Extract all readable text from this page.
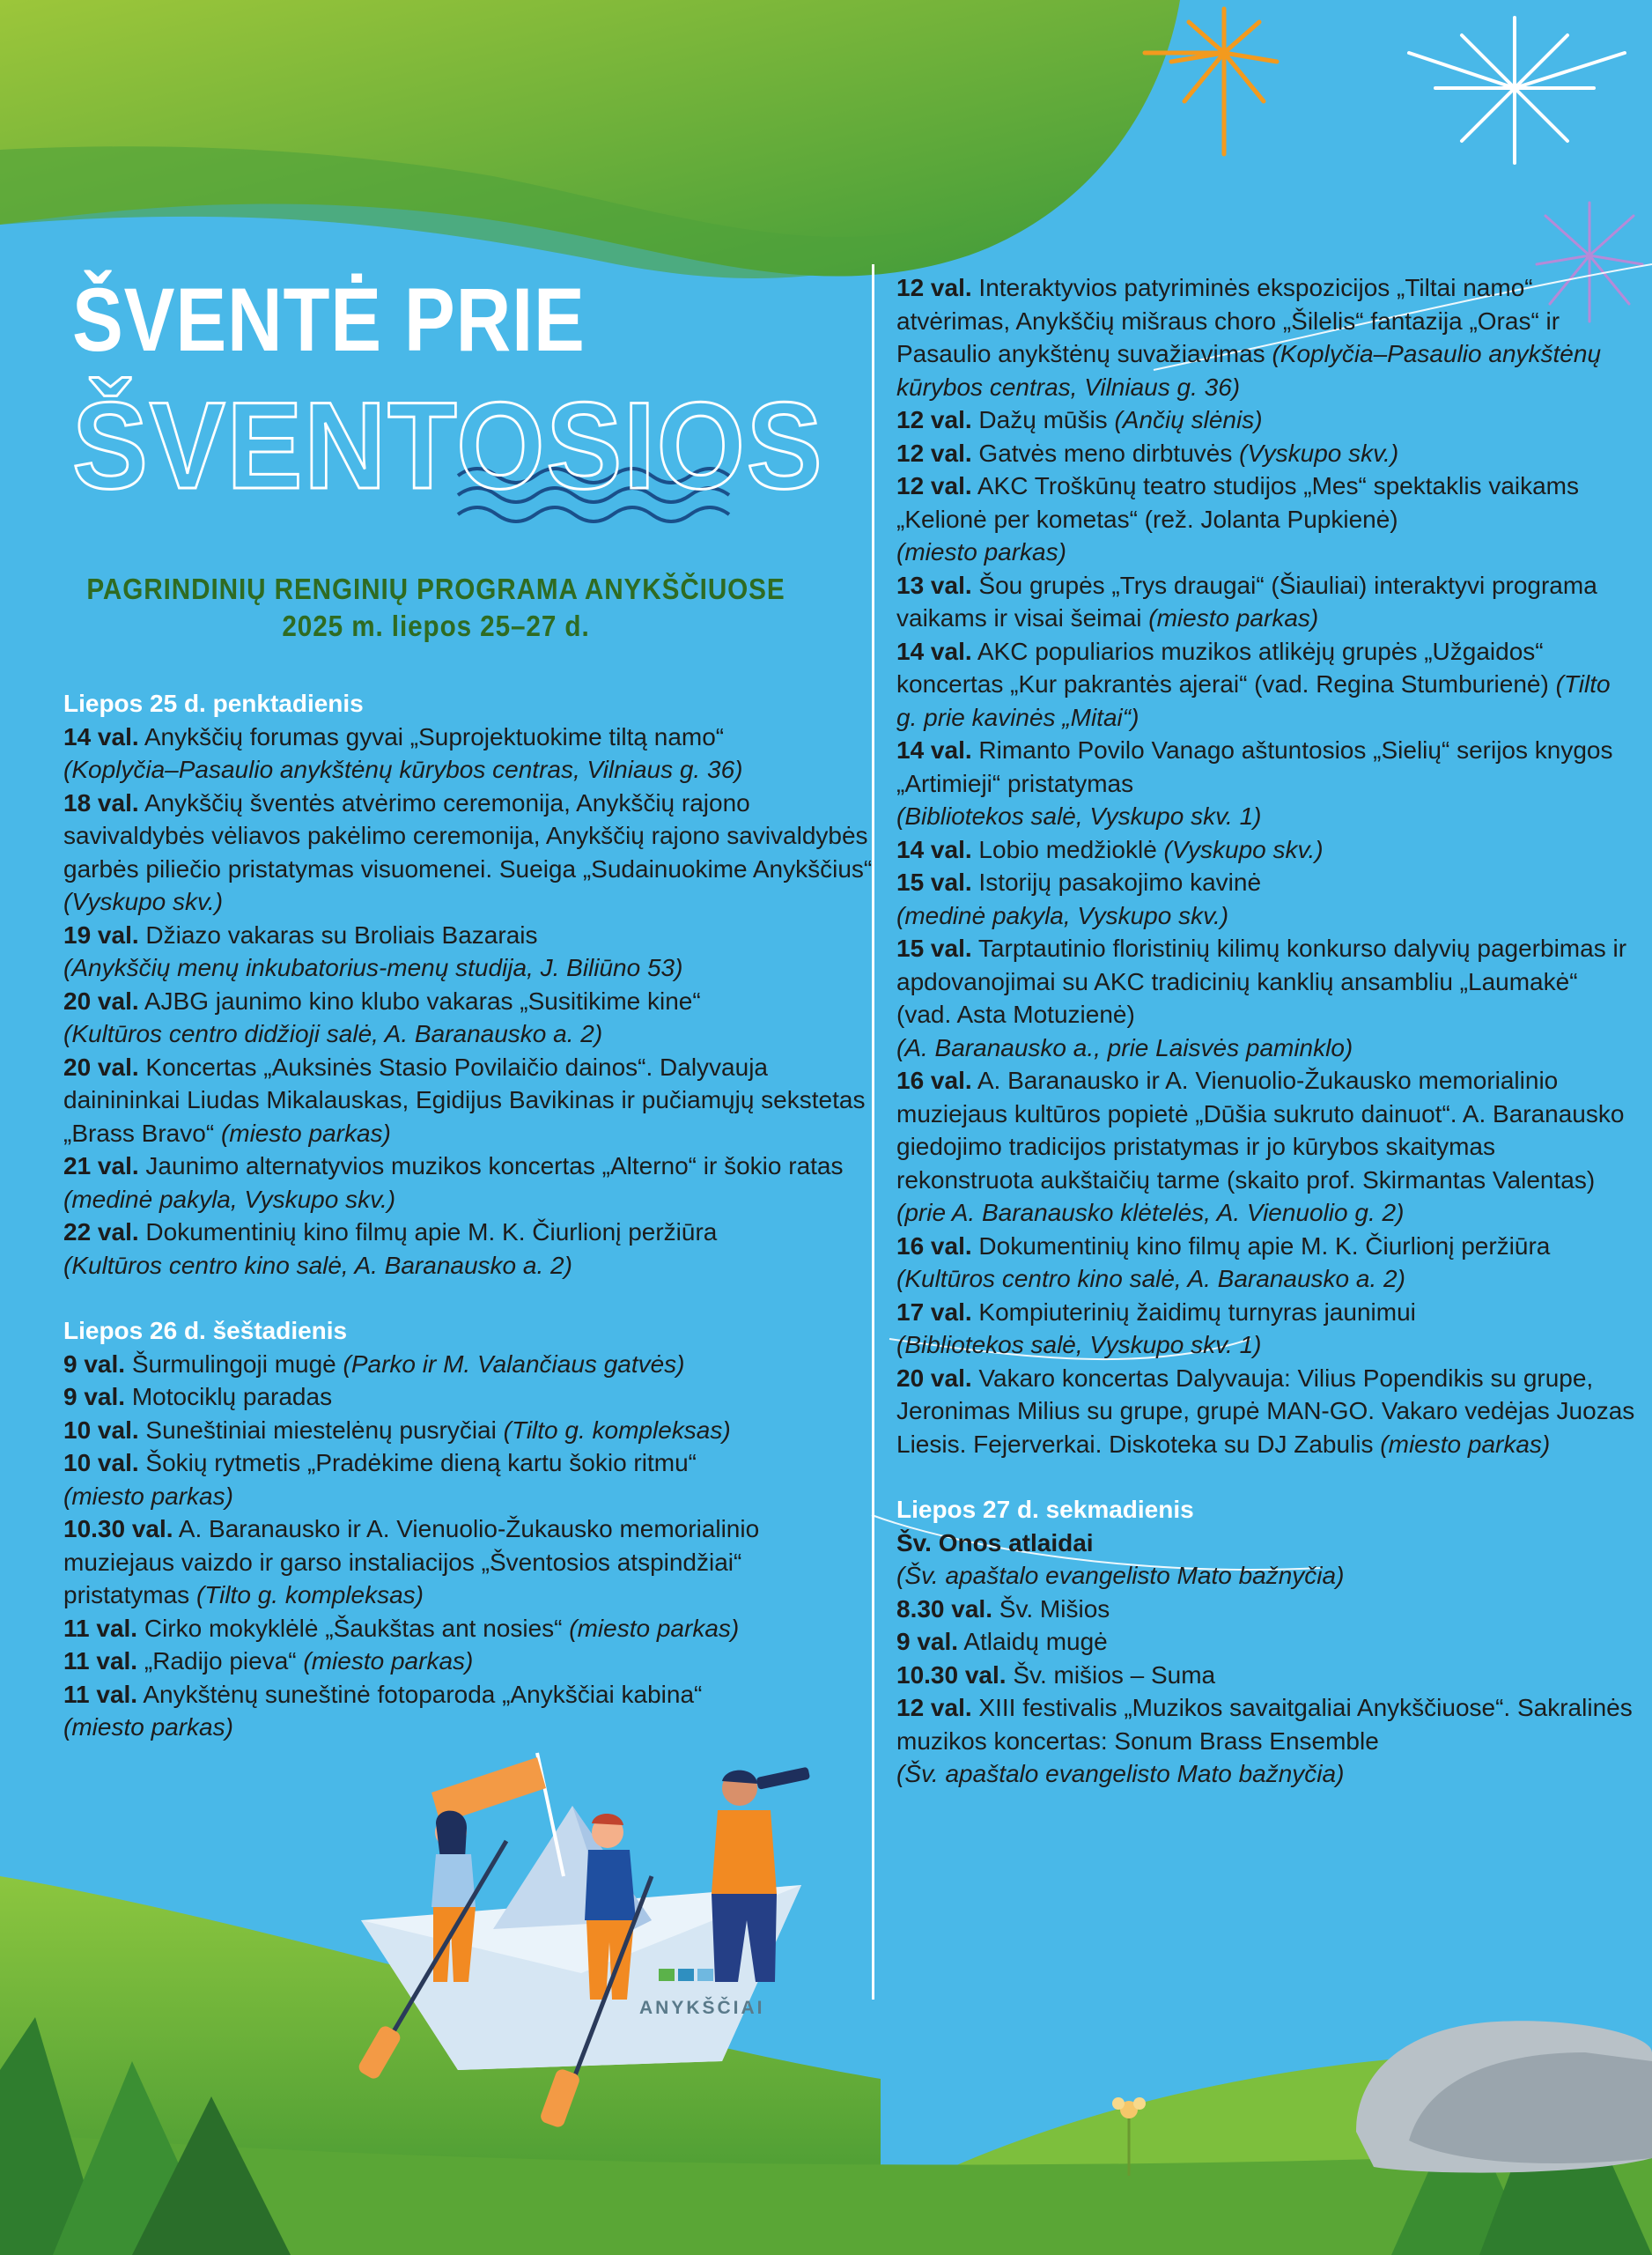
ŠVENTĖ PRIE
ŠVENTOSIOS
PAGRINDINIŲ RENGINIŲ PROGRAMA ANYKŠČIUOSE
2025 m. liepos 25–27 d.

Liepos 25 d. penktadienis

14 val. Anykščių forumas gyvai „Suprojektuokime tiltą namo“
(Koplyčia–Pasaulio anykštėnų kūrybos centras, Vilniaus g. 36)

18 val. Anykščių šventės atvėrimo ceremonija, Anykščių rajono savivaldybės vėliavos pakėlimo ceremonija, Anykščių rajono savivaldybės garbės piliečio pristatymas visuomenei. Sueiga „Sudainuokime Anykščius“ (Vyskupo skv.)

19 val. Džiazo vakaras su Broliais Bazarais
(Anykščių menų inkubatorius-menų studija, J. Biliūno 53)

20 val. AJBG jaunimo kino klubo vakaras „Susitikime kine“
(Kultūros centro didžioji salė, A. Baranausko a. 2)

20 val. Koncertas „Auksinės Stasio Povilaičio dainos“. Dalyvauja dainininkai Liudas Mikalauskas, Egidijus Bavikinas ir pučiamųjų sekstetas „Brass Bravo“ (miesto parkas)

21 val. Jaunimo alternatyvios muzikos koncertas „Alterno“ ir šokio ratas (medinė pakyla, Vyskupo skv.)

22 val. Dokumentinių kino filmų apie M. K. Čiurlionį peržiūra
(Kultūros centro kino salė, A. Baranausko a. 2)

Liepos 26 d. šeštadienis

9 val. Šurmulingoji mugė (Parko ir M. Valančiaus gatvės)

9 val. Motociklų paradas

10 val. Suneštiniai miestelėnų pusryčiai (Tilto g. kompleksas)

10 val. Šokių rytmetis „Pradėkime dieną kartu šokio ritmu“
(miesto parkas)

10.30 val. A. Baranausko ir A. Vienuolio-Žukausko memorialinio muziejaus vaizdo ir garso instaliacijos „Šventosios atspindžiai“ pristatymas (Tilto g. kompleksas)

11 val. Cirko mokyklėlė „Šaukštas ant nosies“ (miesto parkas)

11 val. „Radijo pieva“ (miesto parkas)

11 val. Anykštėnų suneštinė fotoparoda „Anykščiai kabina“
(miesto parkas)

12 val. Interaktyvios patyriminės ekspozicijos „Tiltai namo“ atvėrimas, Anykščių mišraus choro „Šilelis“ fantazija „Oras“ ir Pasaulio anykštėnų suvažiavimas (Koplyčia–Pasaulio anykštėnų kūrybos centras, Vilniaus g. 36)

12 val. Dažų mūšis (Ančių slėnis)

12 val. Gatvės meno dirbtuvės (Vyskupo skv.)

12 val. AKC Troškūnų teatro studijos „Mes“ spektaklis vaikams „Kelionė per kometas“ (rež. Jolanta Pupkienė)
(miesto parkas)

13 val. Šou grupės „Trys draugai“ (Šiauliai) interaktyvi programa vaikams ir visai šeimai (miesto parkas)

14 val. AKC populiarios muzikos atlikėjų grupės „Užgaidos“ koncertas „Kur pakrantės ajerai“ (vad. Regina Stumburienė) (Tilto g. prie kavinės „Mitai“)

14 val. Rimanto Povilo Vanago aštuntosios „Sielių“ serijos knygos „Artimieji“ pristatymas
(Bibliotekos salė, Vyskupo skv. 1)

14 val. Lobio medžioklė (Vyskupo skv.)

15 val. Istorijų pasakojimo kavinė
(medinė pakyla, Vyskupo skv.)

15 val. Tarptautinio floristinių kilimų konkurso dalyvių pagerbimas ir apdovanojimai su AKC tradicinių kanklių ansambliu „Laumakė“ (vad. Asta Motuzienė)
(A. Baranausko a., prie Laisvės paminklo)

16 val. A. Baranausko ir A. Vienuolio-Žukausko memorialinio muziejaus kultūros popietė „Dūšia sukruto dainuot“. A. Baranausko giedojimo tradicijos pristatymas ir jo kūrybos skaitymas rekonstruota aukštaičių tarme (skaito prof. Skirmantas Valentas)
(prie A. Baranausko klėtelės, A. Vienuolio g. 2)

16 val. Dokumentinių kino filmų apie M. K. Čiurlionį peržiūra (Kultūros centro kino salė, A. Baranausko a. 2)

17 val. Kompiuterinių žaidimų turnyras jaunimui
(Bibliotekos salė, Vyskupo skv. 1)

20 val. Vakaro koncertas Dalyvauja: Vilius Popendikis su grupe, Jeronimas Milius su grupe, grupė MAN-GO. Vakaro vedėjas Juozas Liesis. Fejerverkai. Diskoteka su DJ Zabulis (miesto parkas)

Liepos 27 d. sekmadienis

Šv. Onos atlaidai

(Šv. apaštalo evangelisto Mato bažnyčia)

8.30 val. Šv. Mišios

9 val. Atlaidų mugė

10.30 val. Šv. mišios – Suma

12 val. XIII festivalis „Muzikos savaitgaliai Anykščiuose“. Sakralinės muzikos koncertas: Sonum Brass Ensemble
(Šv. apaštalo evangelisto Mato bažnyčia)

ANYKŠČIAI
